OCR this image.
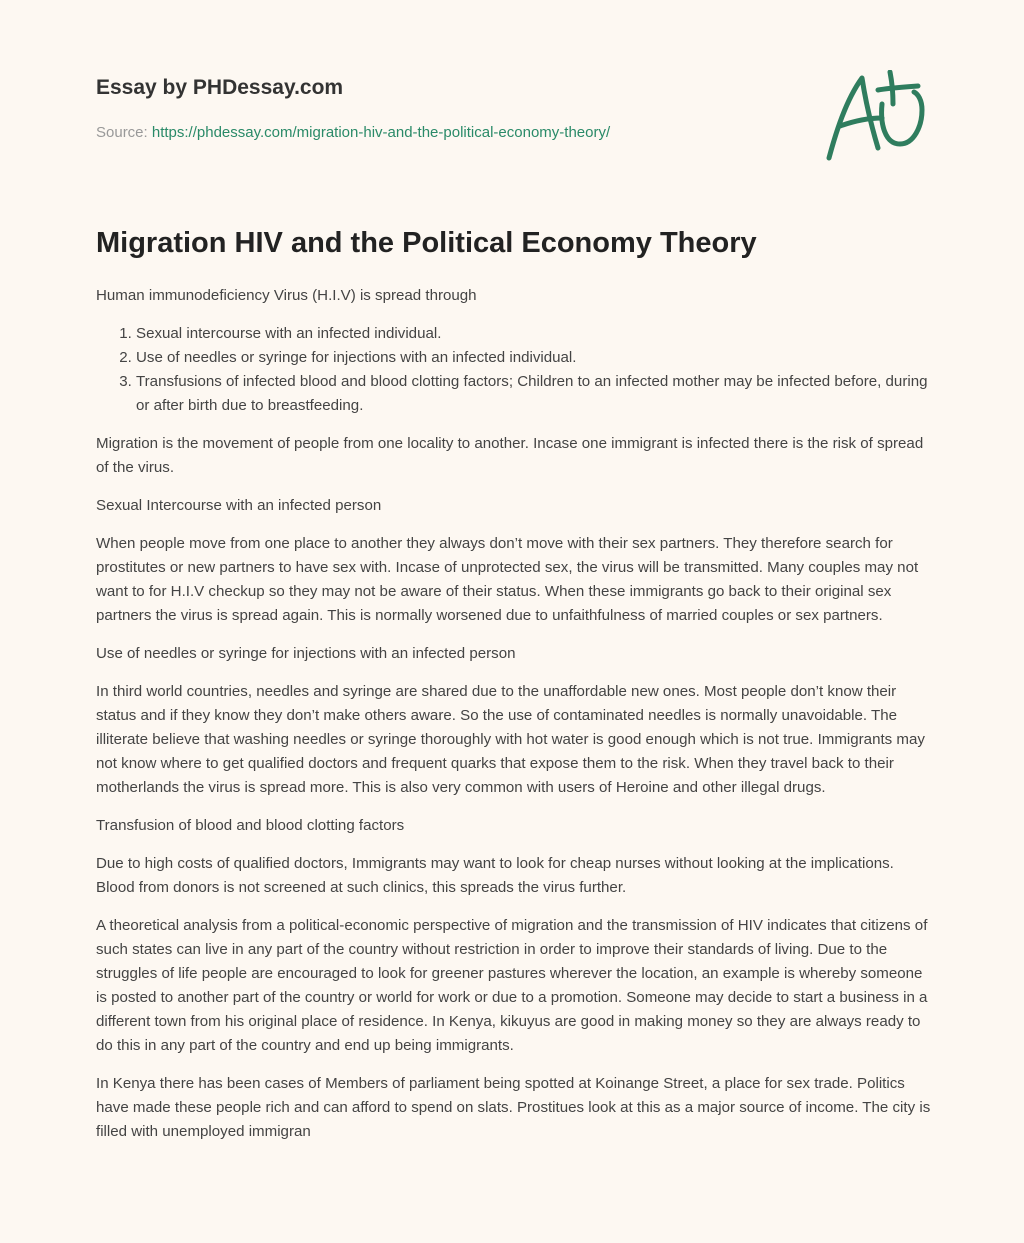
Essay by PHDessay.com
Source: https://phdessay.com/migration-hiv-and-the-political-economy-theory/
Migration HIV and the Political Economy Theory

Human immunodeficiency Virus (H.I.V) is spread through

1. Sexual intercourse with an infected individual.
2. Use of needles or syringe for injections with an infected individual.
3. Transfusions of infected blood and blood clotting factors; Children to an infected mother may be infected before, during or after birth due to breastfeeding.

Migration is the movement of people from one locality to another. Incase one immigrant is infected there is the risk of spread of the virus.

Sexual Intercourse with an infected person

When people move from one place to another they always don’t move with their sex partners. They therefore search for prostitutes or new partners to have sex with. Incase of unprotected sex, the virus will be transmitted. Many couples may not want to for H.I.V checkup so they may not be aware of their status. When these immigrants go back to their original sex partners the virus is spread again. This is normally worsened due to unfaithfulness of married couples or sex partners.

Use of needles or syringe for injections with an infected person

In third world countries, needles and syringe are shared due to the unaffordable new ones. Most people don’t know their status and if they know they don’t make others aware. So the use of contaminated needles is normally unavoidable. The illiterate believe that washing needles or syringe thoroughly with hot water is good enough which is not true. Immigrants may not know where to get qualified doctors and frequent quarks that expose them to the risk. When they travel back to their motherlands the virus is spread more. This is also very common with users of Heroine and other illegal drugs.

Transfusion of blood and blood clotting factors

Due to high costs of qualified doctors, Immigrants may want to look for cheap nurses without looking at the implications. Blood from donors is not screened at such clinics, this spreads the virus further.

A theoretical analysis from a political-economic perspective of migration and the transmission of HIV indicates that citizens of such states can live in any part of the country without restriction in order to improve their standards of living. Due to the struggles of life people are encouraged to look for greener pastures wherever the location, an example is whereby someone is posted to another part of the country or world for work or due to a promotion. Someone may decide to start a business in a different town from his original place of residence. In Kenya, kikuyus are good in making money so they are always ready to do this in any part of the country and end up being immigrants.

In Kenya there has been cases of Members of parliament being spotted at Koinange Street, a place for sex trade. Politics have made these people rich and can afford to spend on slats. Prostitues look at this as a major source of income. The city is filled with unemployed immigran
